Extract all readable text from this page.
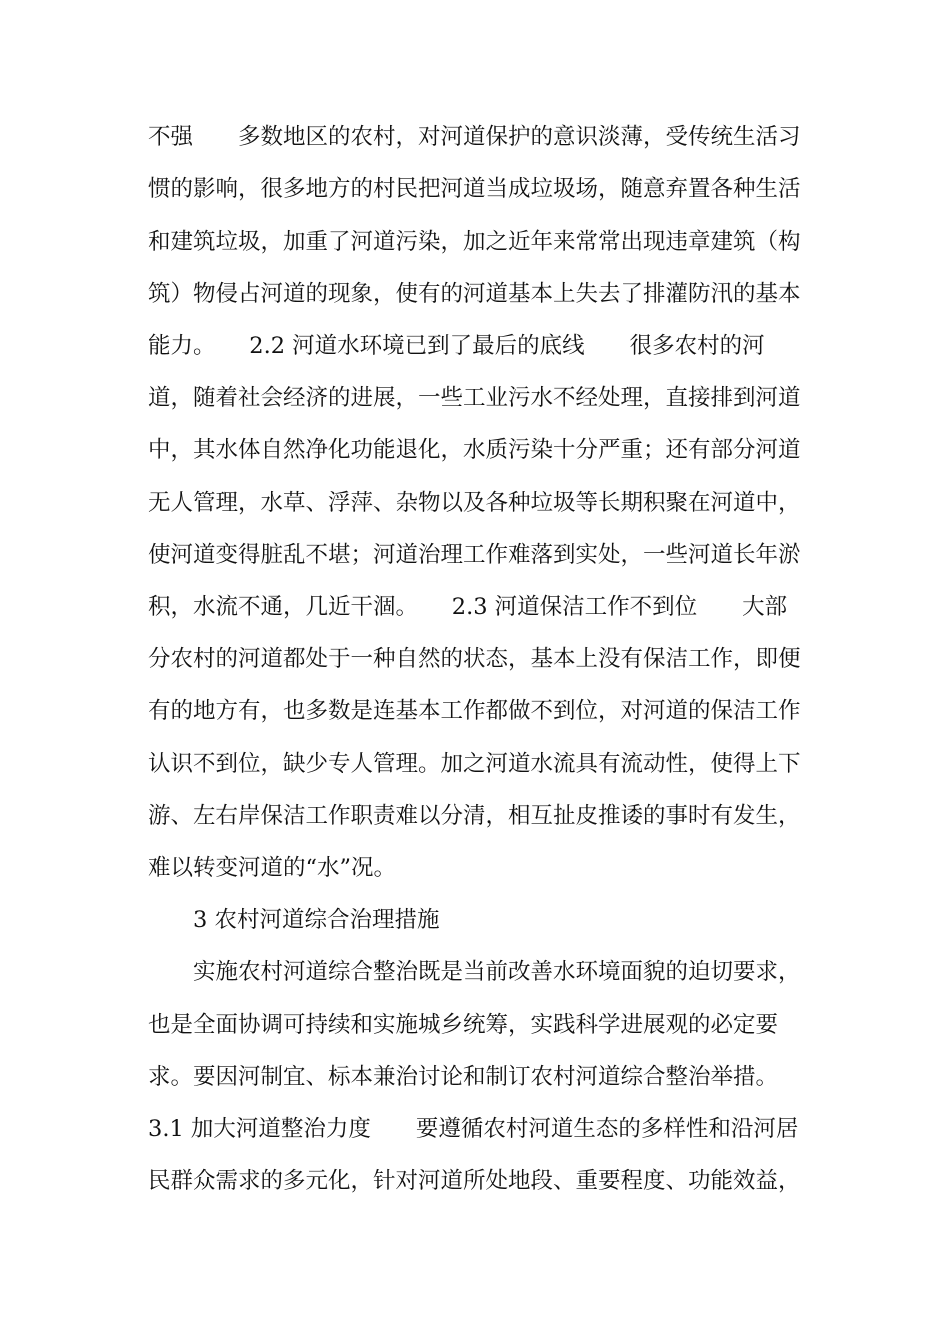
不强　　多数地区的农村，对河道保护的意识淡薄，受传统生活习
惯的影响，很多地方的村民把河道当成垃圾场，随意弃置各种生活
和建筑垃圾，加重了河道污染，加之近年来常常出现违章建筑（构
筑）物侵占河道的现象，使有的河道基本上失去了排灌防汛的基本
能力。　　2.2 河道水环境已到了最后的底线　　很多农村的河
道，随着社会经济的进展，一些工业污水不经处理，直接排到河道
中，其水体自然净化功能退化，水质污染十分严重；还有部分河道
无人管理，水草、浮萍、杂物以及各种垃圾等长期积聚在河道中，
使河道变得脏乱不堪；河道治理工作难落到实处，一些河道长年淤
积，水流不通，几近干涸。　　2.3 河道保洁工作不到位　　大部
分农村的河道都处于一种自然的状态，基本上没有保洁工作，即便
有的地方有，也多数是连基本工作都做不到位，对河道的保洁工作
认识不到位，缺少专人管理。加之河道水流具有流动性，使得上下
游、左右岸保洁工作职责难以分清，相互扯皮推诿的事时有发生，
难以转变河道的“水”况。
　　3 农村河道综合治理措施
　　实施农村河道综合整治既是当前改善水环境面貌的迫切要求，
也是全面协调可持续和实施城乡统筹，实践科学进展观的必定要
求。要因河制宜、标本兼治讨论和制订农村河道综合整治举措。
3.1 加大河道整治力度　　要遵循农村河道生态的多样性和沿河居
民群众需求的多元化，针对河道所处地段、重要程度、功能效益，
